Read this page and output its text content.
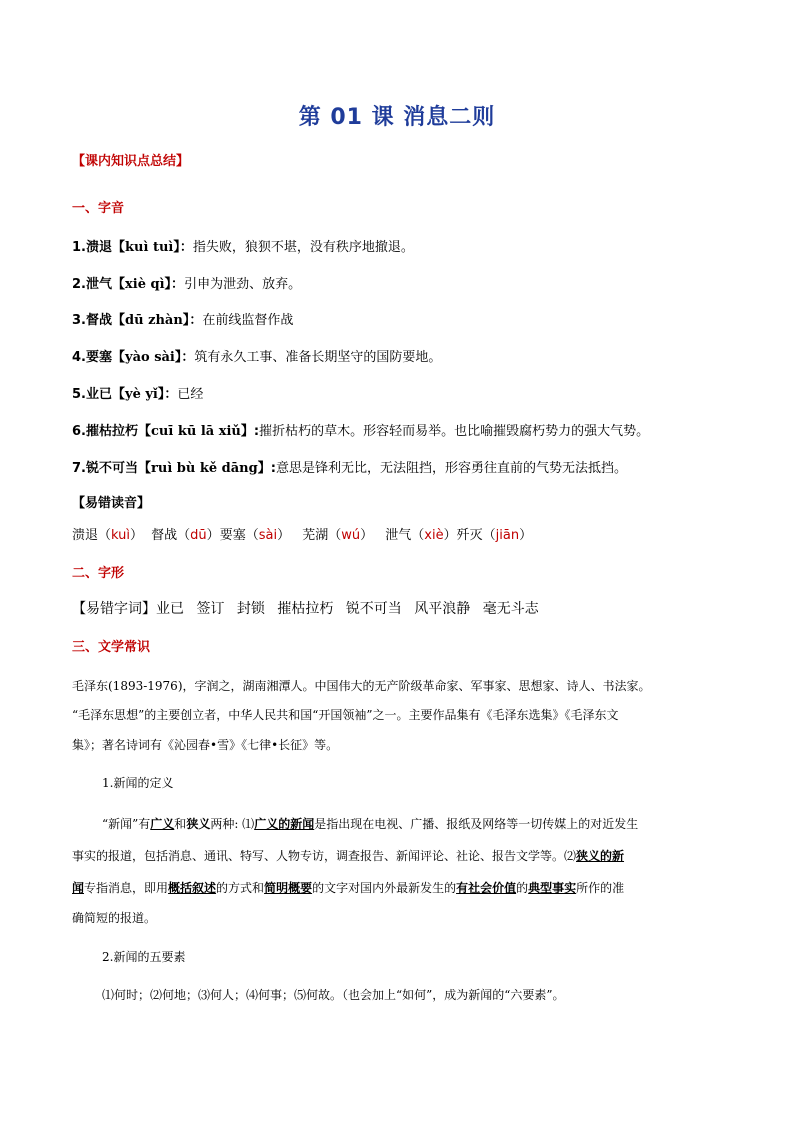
第 01 课 消息二则
【课内知识点总结】
一、字音
1.溃退【kuì tuì】：指失败，狼狈不堪，没有秩序地撤退。
2.泄气【xiè qì】：引申为泄劲、放弃。
3.督战【dū zhàn】：在前线监督作战
4.要塞【yào sài】：筑有永久工事、准备长期坚守的国防要地。
5.业已【yè yǐ】：已经
6.摧枯拉朽【cuī kū lā xiǔ】:摧折枯朽的草木。形容轻而易举。也比喻摧毁腐朽势力的强大气势。
7.锐不可当【ruì bù kě dāng】:意思是锋利无比，无法阻挡，形容勇往直前的气势无法抵挡。
【易错读音】
溃退（kuì） 督战（dū）要塞（sài） 芜湖（wú） 泄气（xiè）歼灭（jiān）
二、字形
【易错字词】业已 签订 封锁 摧枯拉朽 锐不可当 风平浪静 毫无斗志
三、文学常识
毛泽东(1893-1976)，字润之，湖南湘潭人。中国伟大的无产阶级革命家、军事家、思想家、诗人、书法家。
“毛泽东思想”的主要创立者，中华人民共和国“开国领袖”之一。主要作品集有《毛泽东选集》《毛泽东文
集》；著名诗词有《沁园春•雪》《七律•长征》等。
1.新闻的定义
“新闻”有广义和狭义两种: ⑴广义的新闻是指出现在电视、广播、报纸及网络等一切传媒上的对近发生
事实的报道，包括消息、通讯、特写、人物专访，调查报告、新闻评论、社论、报告文学等。⑵狭义的新
闻专指消息，即用概括叙述的方式和简明概要的文字对国内外最新发生的有社会价值的典型事实所作的准
确简短的报道。
2.新闻的五要素
⑴何时；⑵何地；⑶何人；⑷何事；⑸何故。（也会加上“如何”，成为新闻的“六要素”。
